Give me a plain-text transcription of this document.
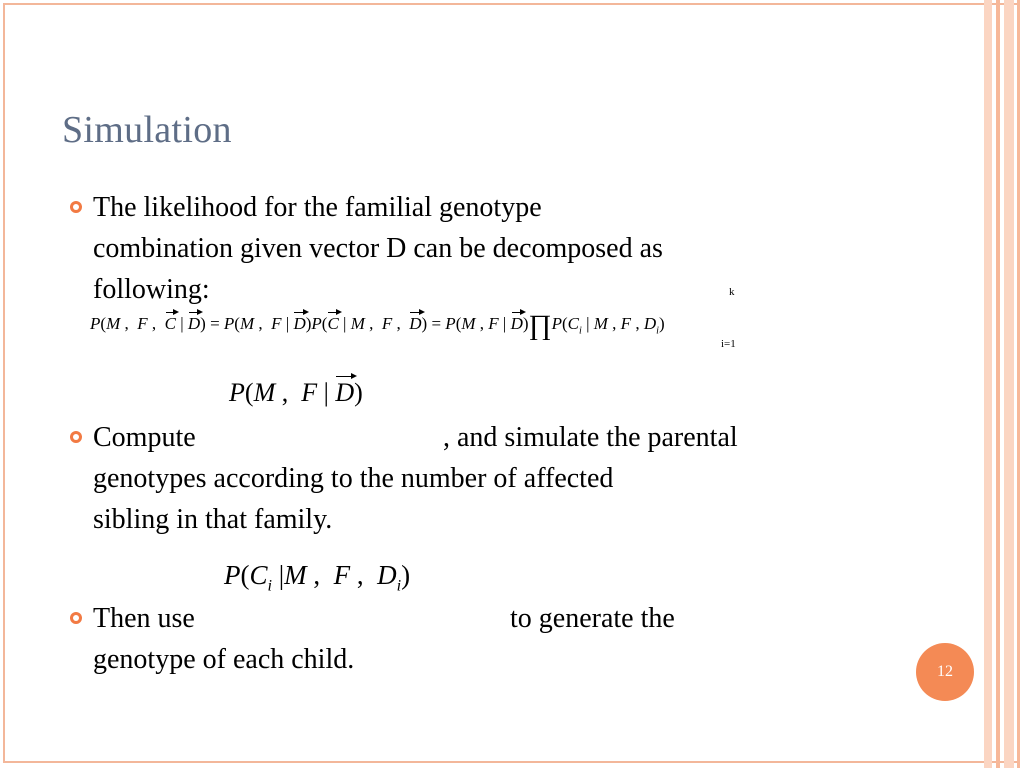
Simulation
The likelihood for the familial genotype
combination given vector D can be decomposed as
following:
P(M ,  F ,  C | D) = P(M ,  F | D)P(C | M ,  F ,  D) = P(M , F | $D)\prod P(C_i$ | M , F , $D_i$)
k
i=1
P(M ,  F | D)
Compute	, and simulate the parental
genotypes according to the number of affected
sibling in that family.
$P(C_i$ |M ,  F ,  $D_i$)
Then use	to generate the
genotype of each child.	12
